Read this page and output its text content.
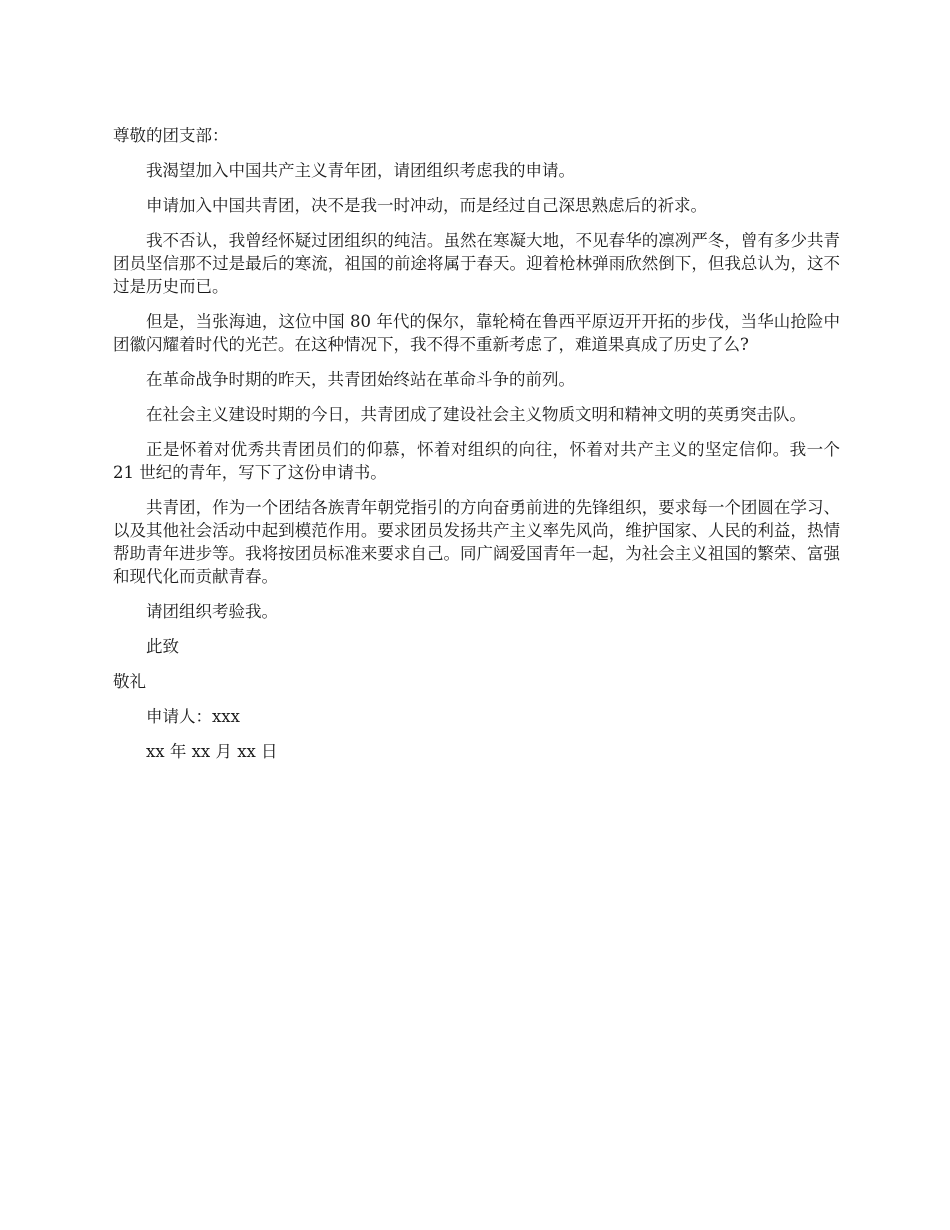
尊敬的团支部：

我渴望加入中国共产主义青年团，请团组织考虑我的申请。

申请加入中国共青团，决不是我一时冲动，而是经过自己深思熟虑后的祈求。

我不否认，我曾经怀疑过团组织的纯洁。虽然在寒凝大地，不见春华的凛冽严冬，曾有多少共青团员坚信那不过是最后的寒流，祖国的前途将属于春天。迎着枪林弹雨欣然倒下，但我总认为，这不过是历史而已。

但是，当张海迪，这位中国 80 年代的保尔，靠轮椅在鲁西平原迈开开拓的步伐，当华山抢险中团徽闪耀着时代的光芒。在这种情况下，我不得不重新考虑了，难道果真成了历史了么?

在革命战争时期的昨天，共青团始终站在革命斗争的前列。

在社会主义建设时期的今日，共青团成了建设社会主义物质文明和精神文明的英勇突击队。

正是怀着对优秀共青团员们的仰慕，怀着对组织的向往，怀着对共产主义的坚定信仰。我一个 21 世纪的青年，写下了这份申请书。

共青团，作为一个团结各族青年朝党指引的方向奋勇前进的先锋组织，要求每一个团圆在学习、以及其他社会活动中起到模范作用。要求团员发扬共产主义率先风尚，维护国家、人民的利益，热情帮助青年进步等。我将按团员标准来要求自己。同广阔爱国青年一起，为社会主义祖国的繁荣、富强和现代化而贡献青春。

请团组织考验我。

此致

敬礼

申请人：xxx

xx 年 xx 月 xx 日
